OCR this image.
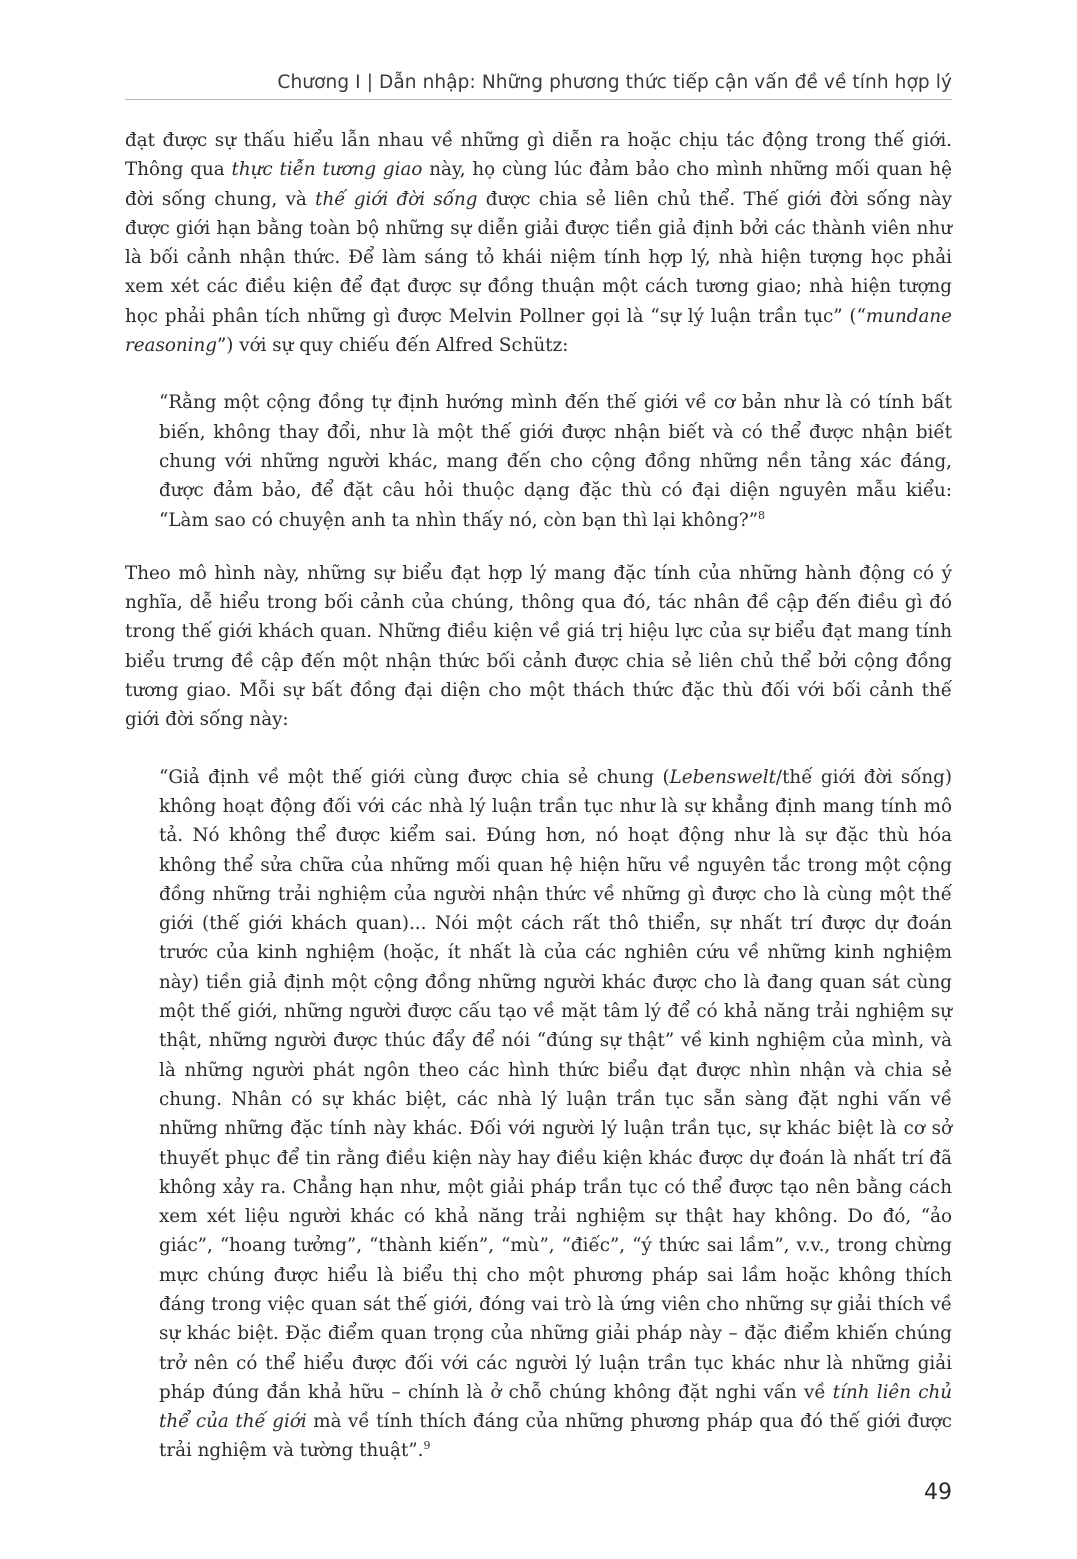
Chương I | Dẫn nhập: Những phương thức tiếp cận vấn đề về tính hợp lý

đạt được sự thấu hiểu lẫn nhau về những gì diễn ra hoặc chịu tác động trong thế giới. Thông qua thực tiễn tương giao này, họ cùng lúc đảm bảo cho mình những mối quan hệ đời sống chung, và thế giới đời sống được chia sẻ liên chủ thể. Thế giới đời sống này được giới hạn bằng toàn bộ những sự diễn giải được tiền giả định bởi các thành viên như là bối cảnh nhận thức. Để làm sáng tỏ khái niệm tính hợp lý, nhà hiện tượng học phải xem xét các điều kiện để đạt được sự đồng thuận một cách tương giao; nhà hiện tượng học phải phân tích những gì được Melvin Pollner gọi là “sự lý luận trần tục” (“mundane reasoning”) với sự quy chiếu đến Alfred Schütz:

“Rằng một cộng đồng tự định hướng mình đến thế giới về cơ bản như là có tính bất biến, không thay đổi, như là một thế giới được nhận biết và có thể được nhận biết chung với những người khác, mang đến cho cộng đồng những nền tảng xác đáng, được đảm bảo, để đặt câu hỏi thuộc dạng đặc thù có đại diện nguyên mẫu kiểu: “Làm sao có chuyện anh ta nhìn thấy nó, còn bạn thì lại không?”$^8$

Theo mô hình này, những sự biểu đạt hợp lý mang đặc tính của những hành động có ý nghĩa, dễ hiểu trong bối cảnh của chúng, thông qua đó, tác nhân đề cập đến điều gì đó trong thế giới khách quan. Những điều kiện về giá trị hiệu lực của sự biểu đạt mang tính biểu trưng đề cập đến một nhận thức bối cảnh được chia sẻ liên chủ thể bởi cộng đồng tương giao. Mỗi sự bất đồng đại diện cho một thách thức đặc thù đối với bối cảnh thế giới đời sống này:

“Giả định về một thế giới cùng được chia sẻ chung (Lebenswelt/thế giới đời sống) không hoạt động đối với các nhà lý luận trần tục như là sự khẳng định mang tính mô tả. Nó không thể được kiểm sai. Đúng hơn, nó hoạt động như là sự đặc thù hóa không thể sửa chữa của những mối quan hệ hiện hữu về nguyên tắc trong một cộng đồng những trải nghiệm của người nhận thức về những gì được cho là cùng một thế giới (thế giới khách quan)... Nói một cách rất thô thiển, sự nhất trí được dự đoán trước của kinh nghiệm (hoặc, ít nhất là của các nghiên cứu về những kinh nghiệm này) tiền giả định một cộng đồng những người khác được cho là đang quan sát cùng một thế giới, những người được cấu tạo về mặt tâm lý để có khả năng trải nghiệm sự thật, những người được thúc đẩy để nói “đúng sự thật” về kinh nghiệm của mình, và là những người phát ngôn theo các hình thức biểu đạt được nhìn nhận và chia sẻ chung. Nhân có sự khác biệt, các nhà lý luận trần tục sẵn sàng đặt nghi vấn về những những đặc tính này khác. Đối với người lý luận trần tục, sự khác biệt là cơ sở thuyết phục để tin rằng điều kiện này hay điều kiện khác được dự đoán là nhất trí đã không xảy ra. Chẳng hạn như, một giải pháp trần tục có thể được tạo nên bằng cách xem xét liệu người khác có khả năng trải nghiệm sự thật hay không. Do đó, “ảo giác”, “hoang tưởng”, “thành kiến”, “mù”, “điếc”, “ý thức sai lầm”, v.v., trong chừng mực chúng được hiểu là biểu thị cho một phương pháp sai lầm hoặc không thích đáng trong việc quan sát thế giới, đóng vai trò là ứng viên cho những sự giải thích về sự khác biệt. Đặc điểm quan trọng của những giải pháp này – đặc điểm khiến chúng trở nên có thể hiểu được đối với các người lý luận trần tục khác như là những giải pháp đúng đắn khả hữu – chính là ở chỗ chúng không đặt nghi vấn về tính liên chủ thể của thế giới mà về tính thích đáng của những phương pháp qua đó thế giới được trải nghiệm và tường thuật”.$^9$

49
